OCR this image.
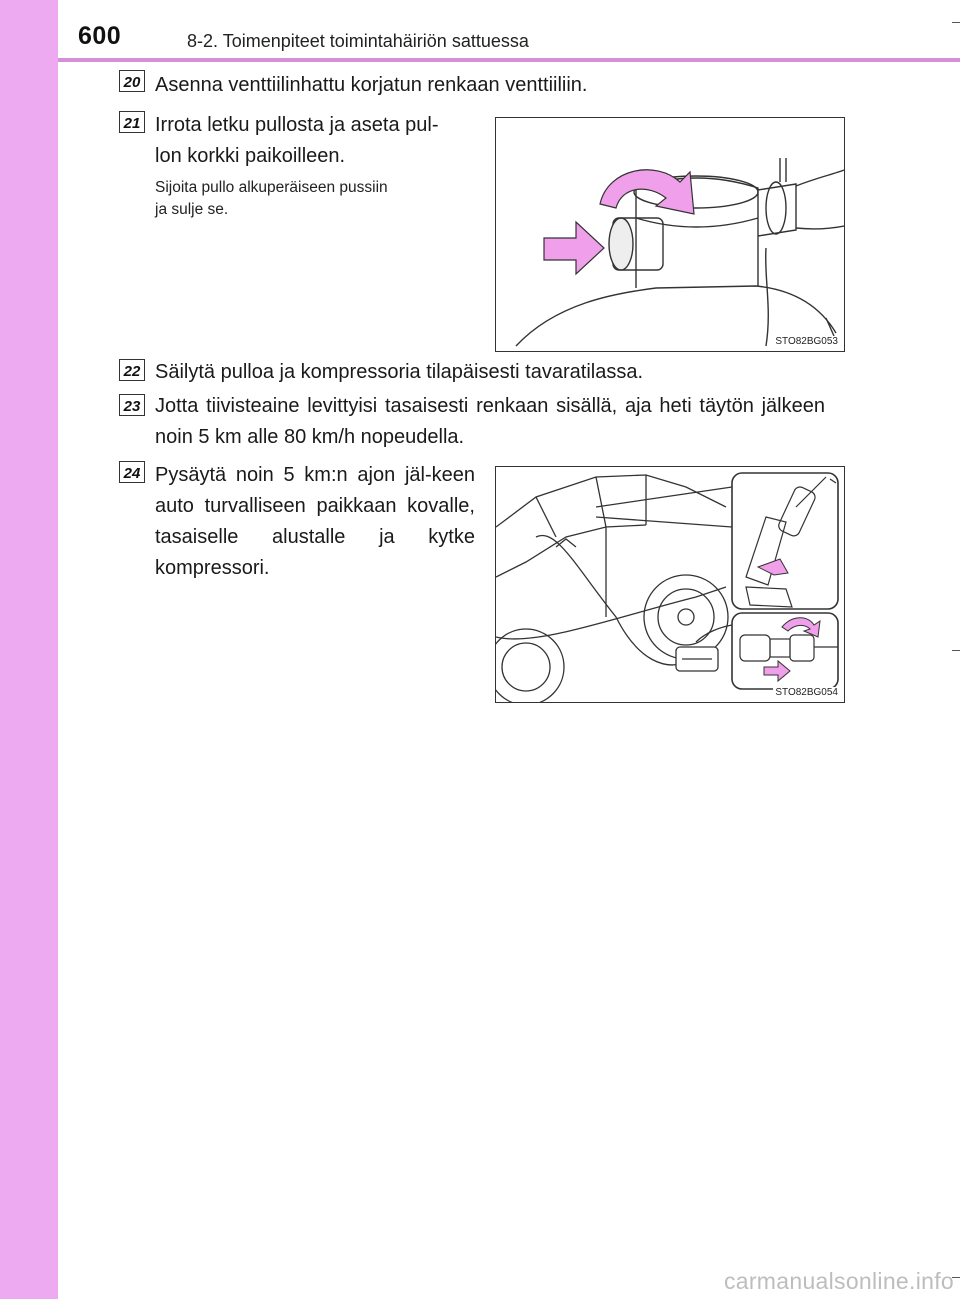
600	8-2. Toimenpiteet toimintahäiriön sattuessa
20 Asenna venttiilinhattu korjatun renkaan venttiiliin.
21 Irrota letku pullosta ja aseta pul-
lon korkki paikoilleen.
Sijoita pullo alkuperäiseen pussiin
ja sulje se.
STO82BG053
22 Säilytä pulloa ja kompressoria tilapäisesti tavaratilassa.
23 Jotta tiivisteaine levittyisi tasaisesti renkaan sisällä, aja heti täytön jälkeen noin 5 km alle 80 km/h nopeudella.
24 Pysäytä noin 5 km:n ajon jäl-keen auto turvalliseen paikkaan kovalle, tasaiselle alustalle ja kytke kompressori.
STO82BG054
carmanualsonline.info
